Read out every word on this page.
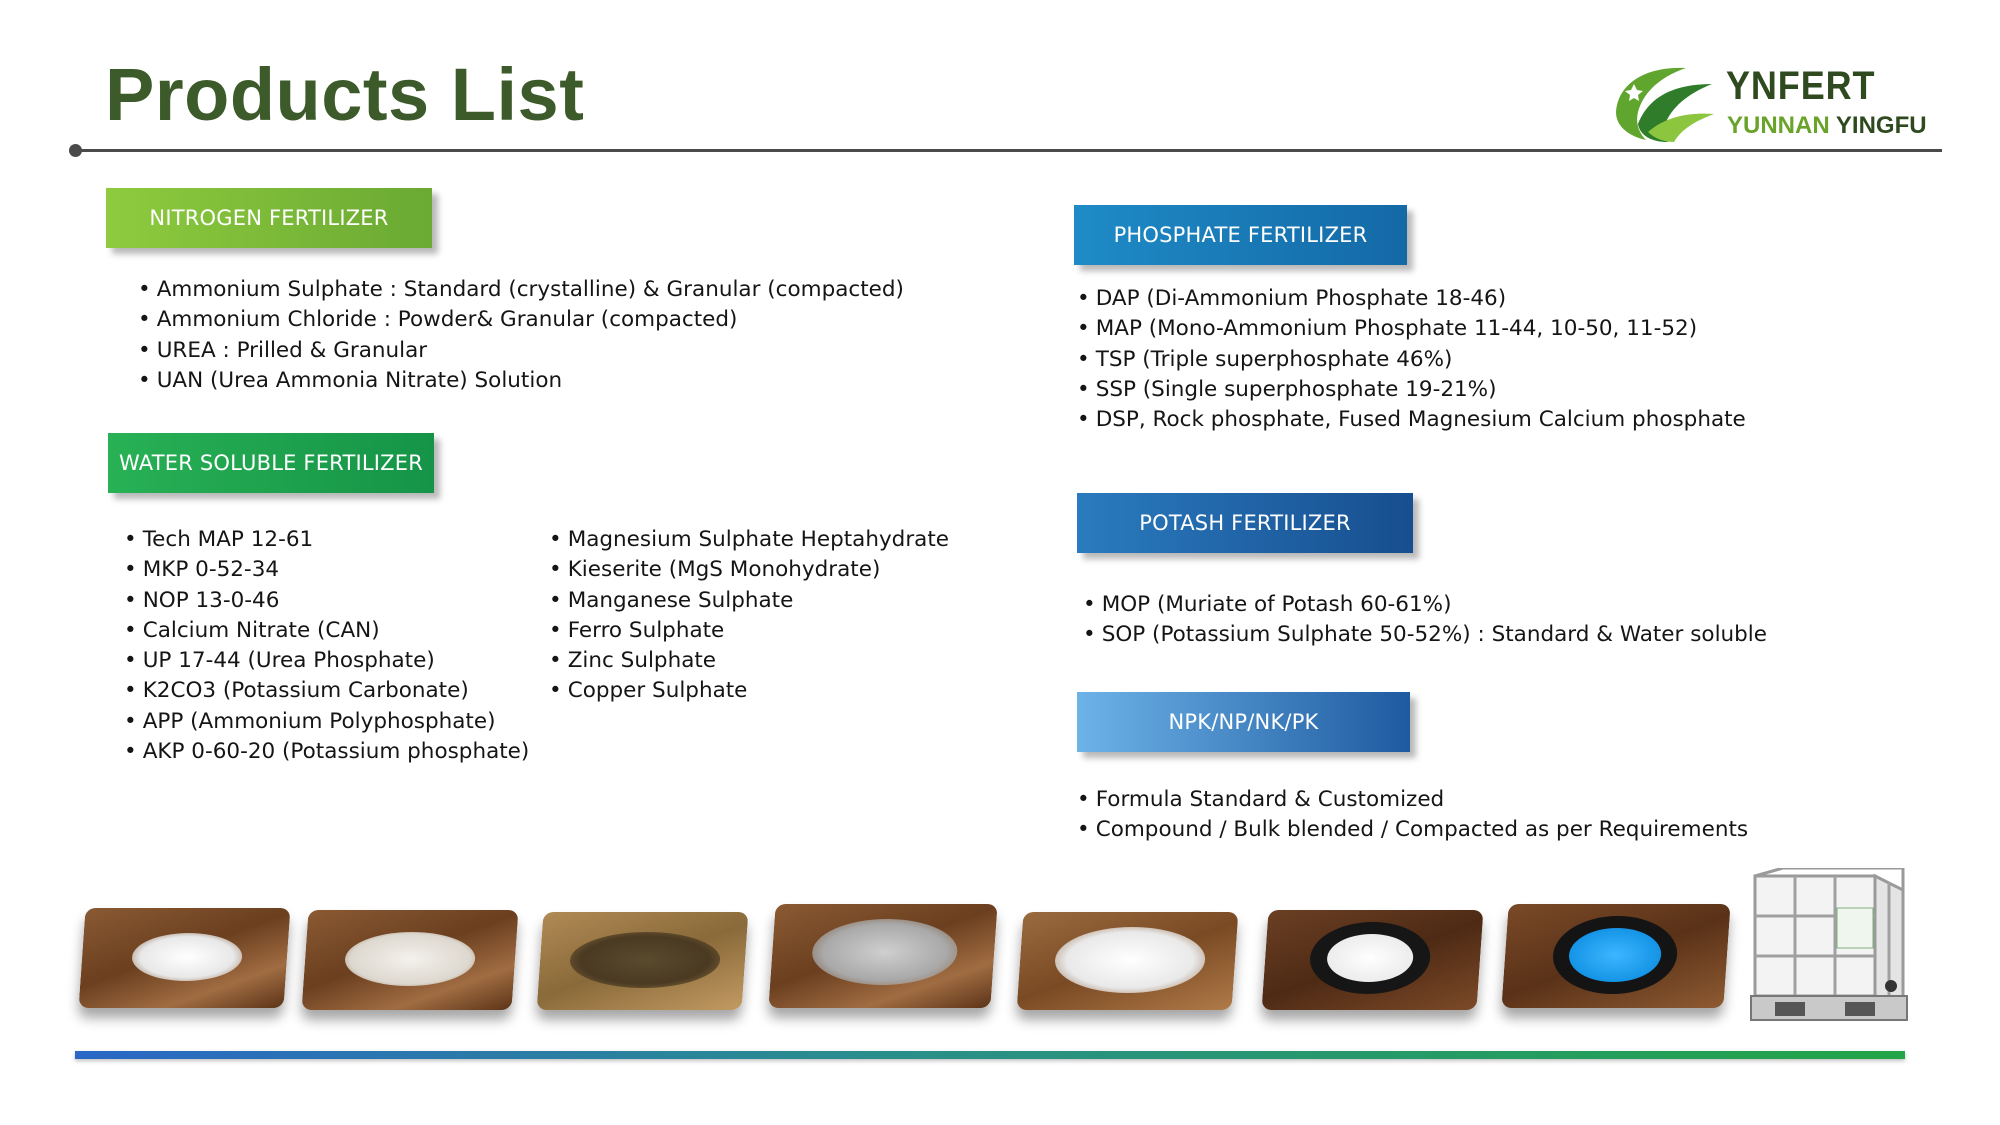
Products List	YNFERT
YUNNAN YINGFU
NITROGEN FERTILIZER
WATER SOLUBLE FERTILIZER
PHOSPHATE FERTILIZER
POTASH FERTILIZER
NPK/NP/NK/PK
• Ammonium Sulphate : Standard (crystalline) & Granular (compacted)
• Ammonium Chloride : Powder& Granular (compacted)
• UREA : Prilled & Granular
• UAN (Urea Ammonia Nitrate) Solution
• Tech MAP 12-61
• MKP 0-52-34
• NOP 13-0-46
• Calcium Nitrate (CAN)
• UP 17-44 (Urea Phosphate)
• K2CO3 (Potassium Carbonate)
• APP (Ammonium Polyphosphate)
• AKP 0-60-20 (Potassium phosphate)
• Magnesium Sulphate Heptahydrate
• Kieserite (MgS Monohydrate)
• Manganese Sulphate
• Ferro Sulphate
• Zinc Sulphate
• Copper Sulphate
• DAP (Di-Ammonium Phosphate 18-46)
• MAP (Mono-Ammonium Phosphate 11-44, 10-50, 11-52)
• TSP (Triple superphosphate 46%)
• SSP (Single superphosphate 19-21%)
• DSP, Rock phosphate, Fused Magnesium Calcium phosphate
• MOP (Muriate of Potash 60-61%)
• SOP (Potassium Sulphate 50-52%) : Standard & Water soluble
• Formula Standard & Customized
• Compound / Bulk blended / Compacted as per Requirements
